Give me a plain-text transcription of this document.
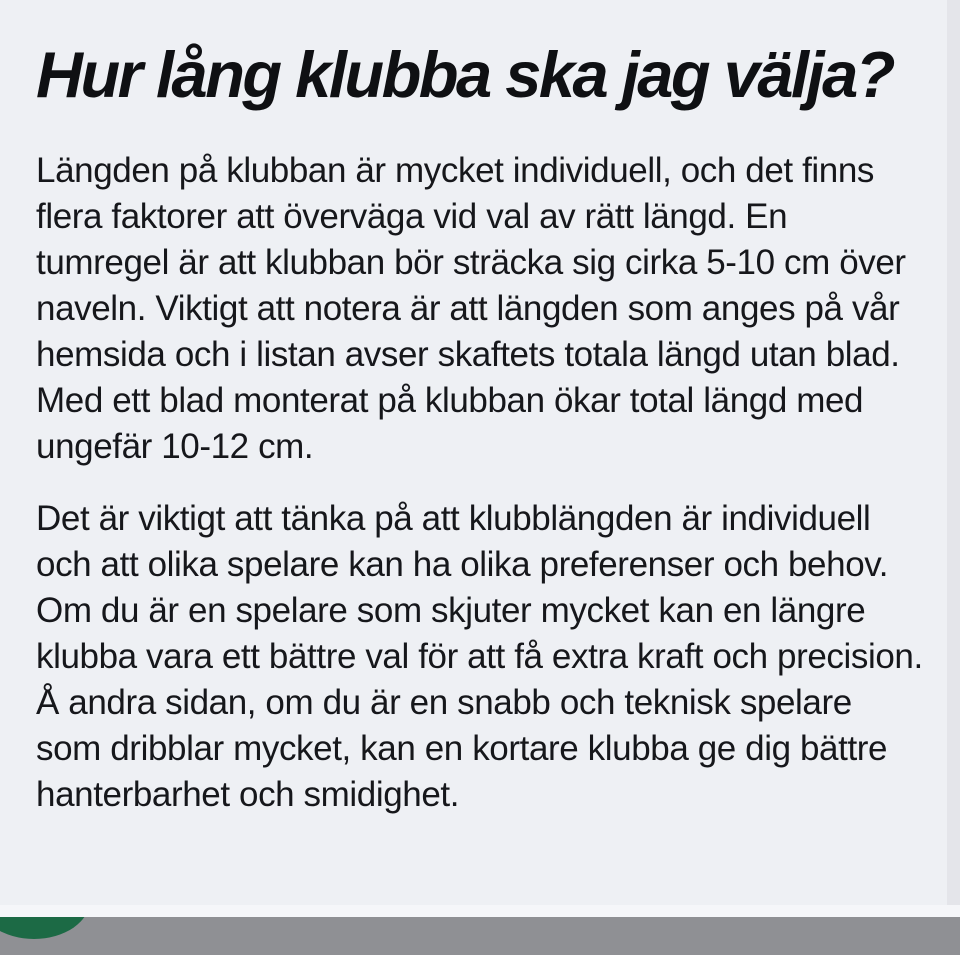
Hur lång klubba ska jag välja?

Längden på klubban är mycket individuell, och det finns flera faktorer att överväga vid val av rätt längd. En tumregel är att klubban bör sträcka sig cirka 5-10 cm över naveln. Viktigt att notera är att längden som anges på vår hemsida och i listan avser skaftets totala längd utan blad. Med ett blad monterat på klubban ökar total längd med ungefär 10-12 cm.

Det är viktigt att tänka på att klubblängden är individuell och att olika spelare kan ha olika preferenser och behov. Om du är en spelare som skjuter mycket kan en längre klubba vara ett bättre val för att få extra kraft och precision. Å andra sidan, om du är en snabb och teknisk spelare som dribblar mycket, kan en kortare klubba ge dig bättre hanterbarhet och smidighet.
